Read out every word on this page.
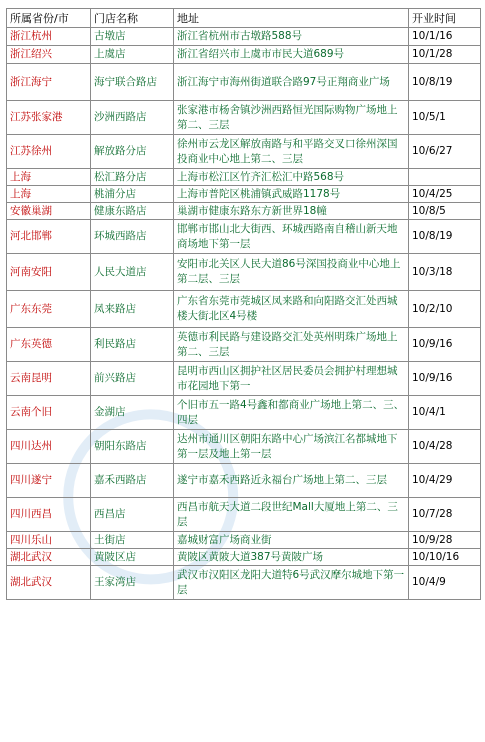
所属省份/市	门店名称	地址	开业时间
浙江杭州	古墩店	浙江省杭州市古墩路588号	10/1/16
浙江绍兴	上虞店	浙江省绍兴市上虞市市民大道689号	10/1/28
浙江海宁	海宁联合路店	浙江海宁市海州街道联合路97号正翔商业广场	10/8/19
江苏张家港	沙洲西路店	张家港市杨舍镇沙洲西路恒光国际购物广场地上第二、三层	10/5/1
江苏徐州	解放路分店	徐州市云龙区解放南路与和平路交叉口徐州深国投商业中心地上第二、三层	10/6/27
上海	松汇路分店	上海市松江区竹齐汇松汇中路568号	
上海	桃浦分店	上海市普陀区桃浦镇武威路1178号	10/4/25
安徽巢湖	健康东路店	巢湖市健康东路东方新世界18幢	10/8/5
河北邯郸	环城西路店	邯郸市邯山北大街西、环城西路南自稽山新天地商场地下第一层	10/8/19
河南安阳	人民大道店	安阳市北关区人民大道86号深国投商业中心地上第二层、三层	10/3/18
广东东莞	凤来路店	广东省东莞市莞城区凤来路和向阳路交汇处西城楼大街北区4号楼	10/2/10
广东英德	利民路店	英德市利民路与建设路交汇处英州明珠广场地上第二、三层	10/9/16
云南昆明	前兴路店	昆明市西山区拥护社区居民委员会拥护村理想城市花园地下第一	10/9/16
云南个旧	金湖店	个旧市五一路4号鑫和都商业广场地上第二、三、四层	10/4/1
四川达州	朝阳东路店	达州市通川区朝阳东路中心广场滨江名都城地下第一层及地上第一层	10/4/28
四川遂宁	嘉禾西路店	遂宁市嘉禾西路近永福台广场地上第二、三层	10/4/29
四川西昌	西昌店	西昌市航天大道二段世纪Mall大厦地上第二、三层	10/7/28
四川乐山	土街店	嘉城财富广场商业街	10/9/28
湖北武汉	黄陂区店	黄陂区黄陂大道387号黄陂广场	10/10/16
湖北武汉	王家湾店	武汉市汉阳区龙阳大道特6号武汉摩尔城地下第一层	10/4/9
